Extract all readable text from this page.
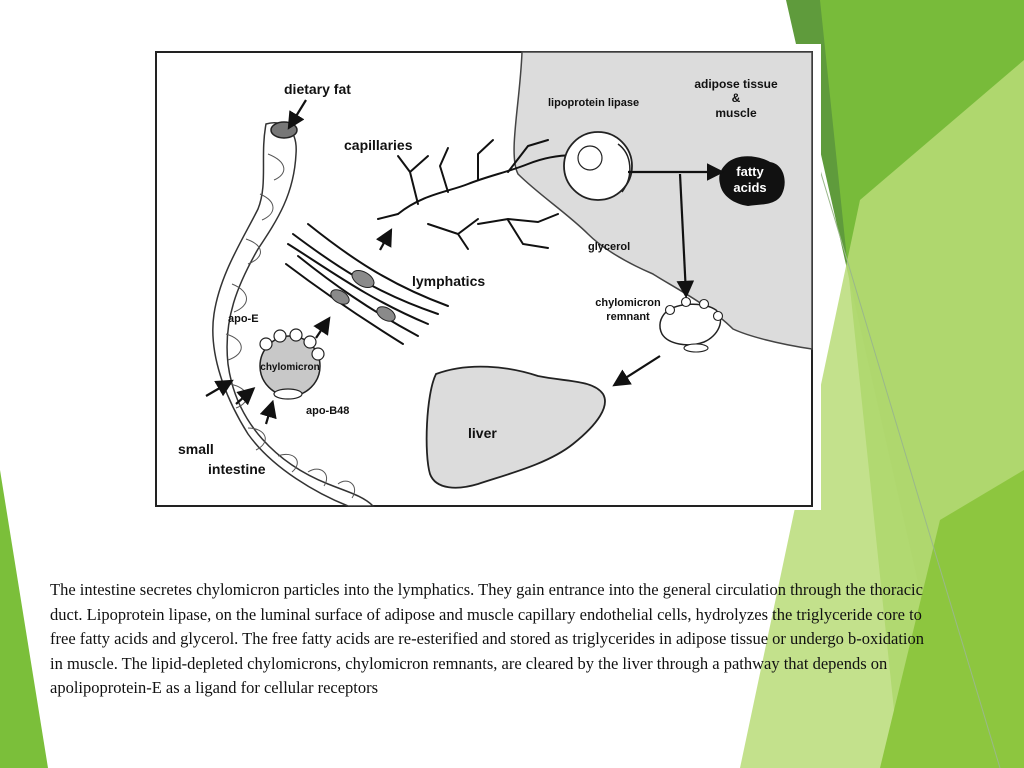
dietary fat
capillaries
lipoprotein lipase
adipose tissue
&
muscle
fatty
acids
glycerol
lymphatics
apo-E
chylomicron
apo-B48
chylomicron
remnant
liver
small
intestine

The intestine secretes chylomicron particles into the lymphatics. They gain entrance into the general circulation through the thoracic duct. Lipoprotein lipase, on the luminal surface of adipose and muscle capillary endothelial cells, hydrolyzes the triglyceride core to free fatty acids and glycerol. The free fatty acids are re-esterified and stored as triglycerides in adipose tissue or undergo b-oxidation in muscle. The lipid-depleted chylomicrons, chylomicron remnants, are cleared by the liver through a pathway that depends on apolipoprotein-E as a ligand for cellular receptors
